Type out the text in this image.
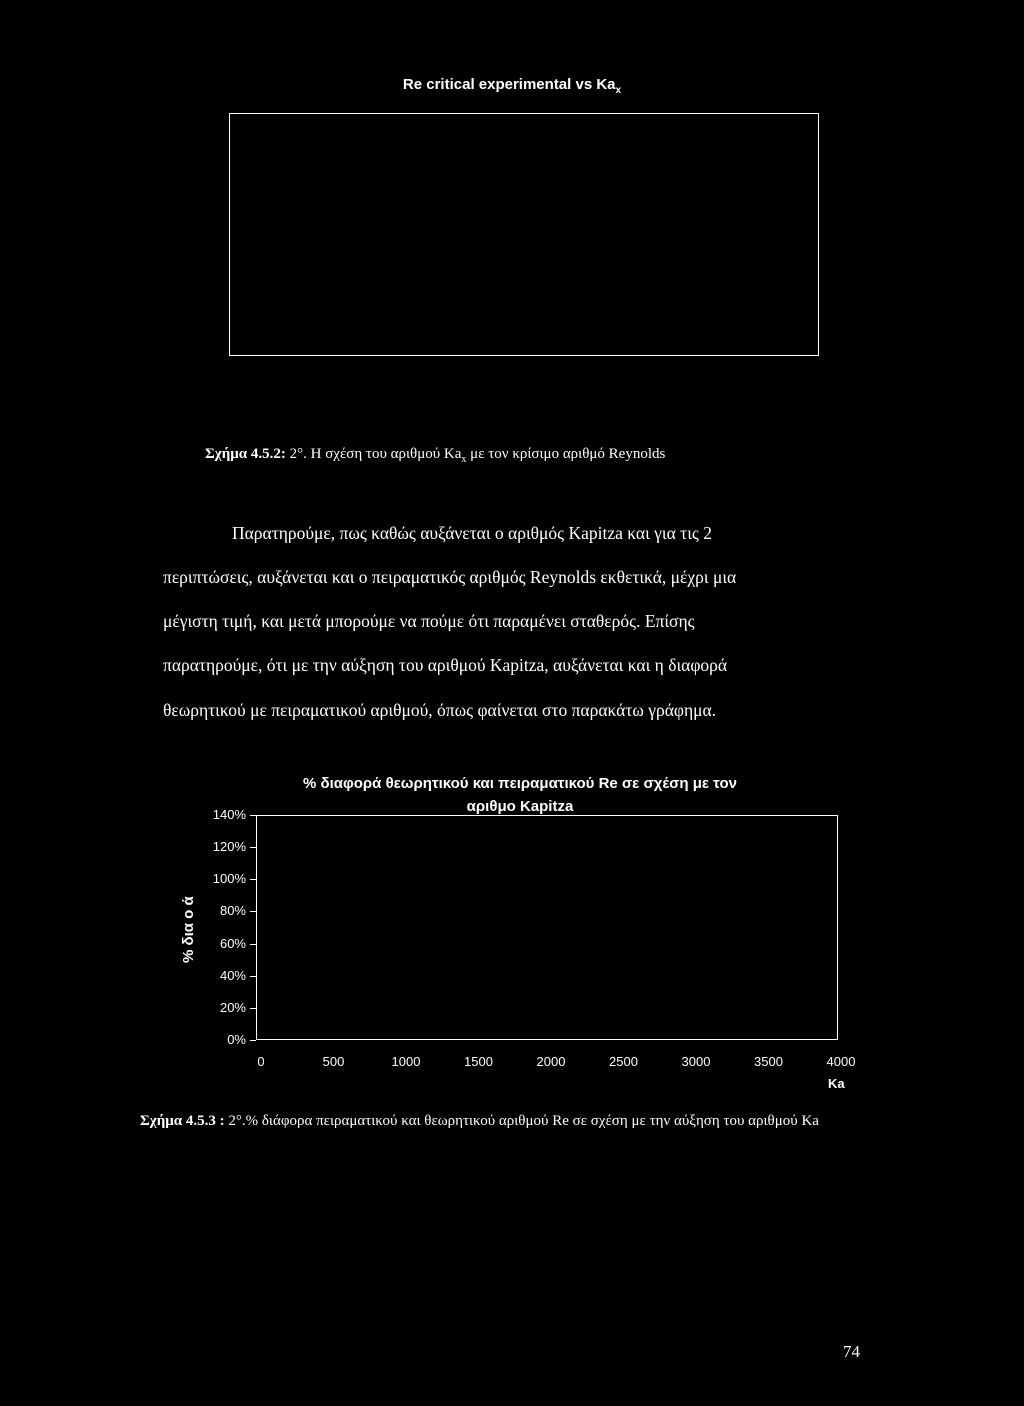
Re critical experimental vs $Ka_x$
Σχήμα 4.5.2: 2°. Η σχέση του αριθμού $Ka_x$ με τον κρίσιμο αριθμό Reynolds
Παρατηρούμε, πως καθώς αυξάνεται ο αριθμός Kapitza και για τις 2
περιπτώσεις, αυξάνεται και ο πειραματικός αριθμός Reynolds εκθετικά, μέχρι μια
μέγιστη τιμή, και μετά μπορούμε να πούμε ότι παραμένει σταθερός. Επίσης
παρατηρούμε, ότι με την αύξηση του αριθμού Kapitza, αυξάνεται και η διαφορά
θεωρητικού με πειραματικού αριθμού, όπως φαίνεται στο παρακάτω γράφημα.
% διαφορά θεωρητικού και πειραματικού Re σε σχέση με τον
αριθμο Kapitza
% δια ο ά
0%
20%
40%
60%
80%
100%
120%
140%
0	500	1000	1500	2000	2500	3000	3500	4000
Ka
Σχήμα 4.5.3 : 2°.% διάφορα πειραματικού και θεωρητικού αριθμού Re σε σχέση με την αύξηση του αριθμού Ka
74
